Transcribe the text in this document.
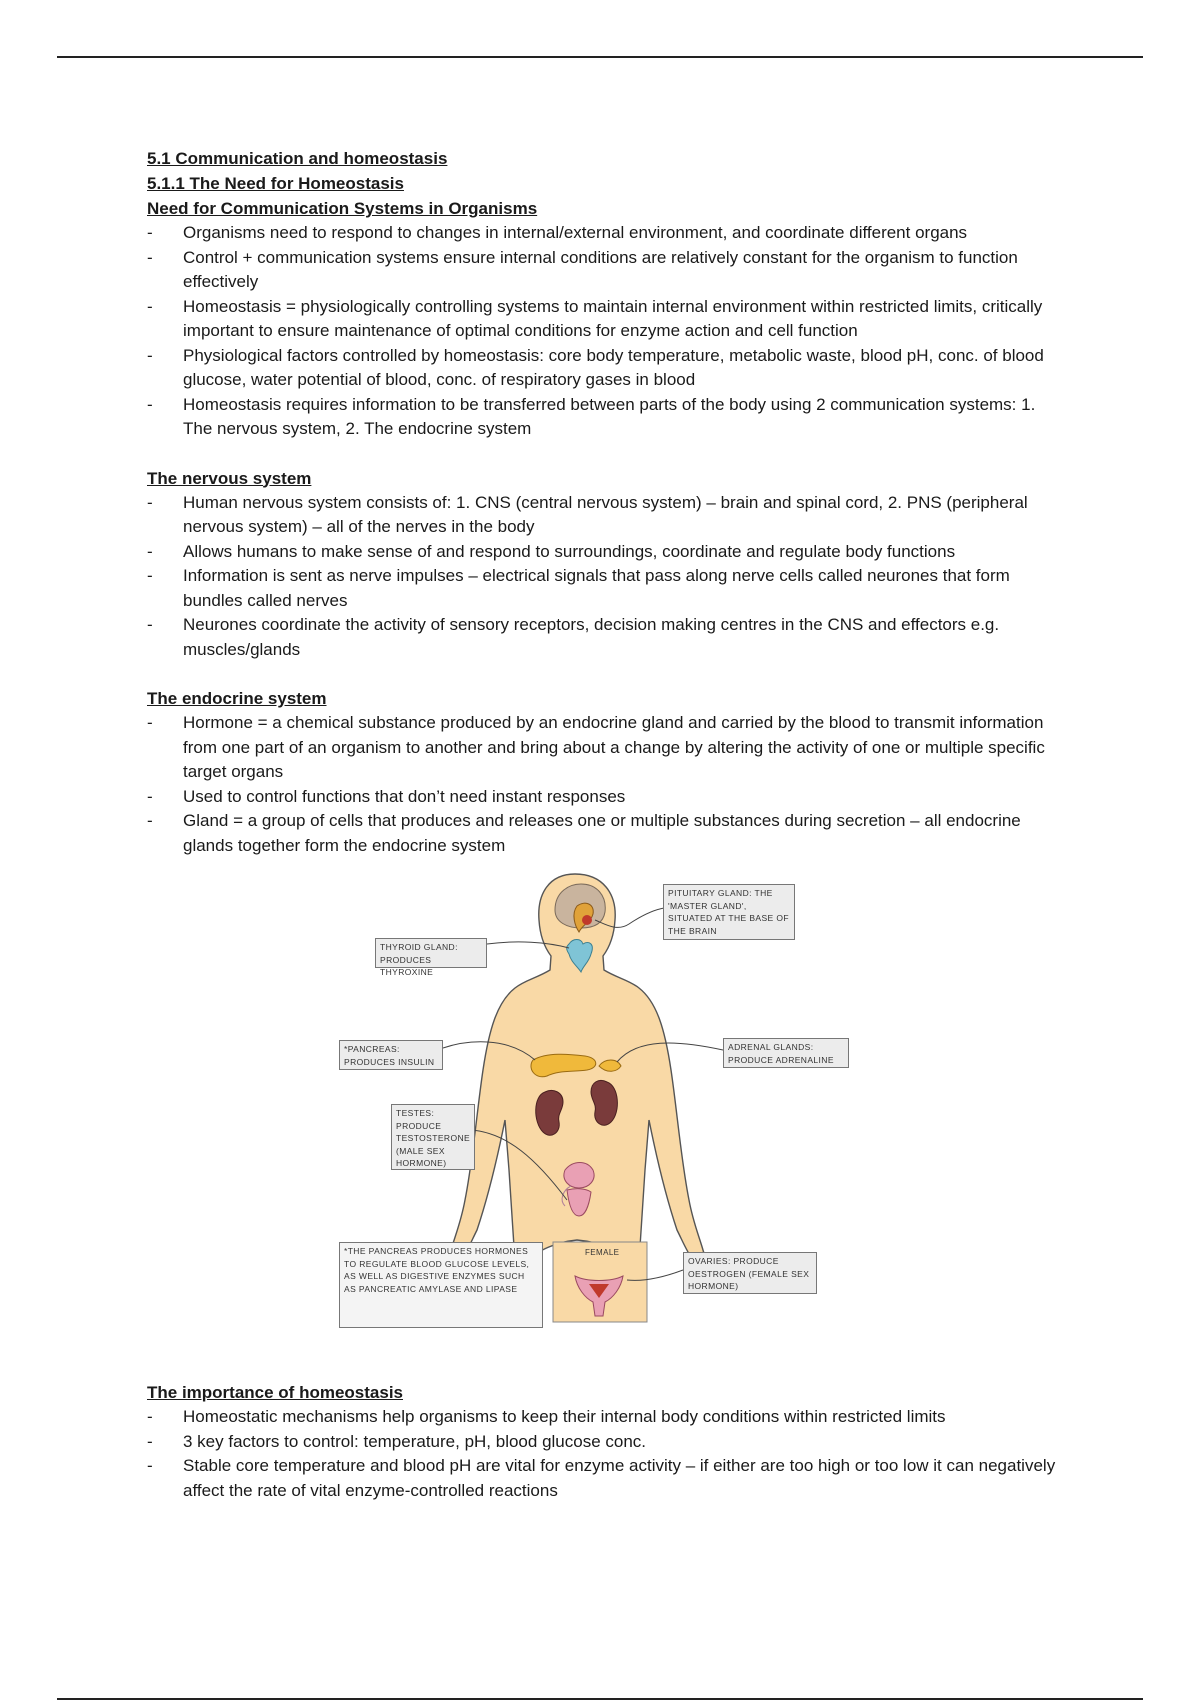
5.1 Communication and homeostasis

5.1.1 The Need for Homeostasis

Need for Communication Systems in Organisms

- Organisms need to respond to changes in internal/external environment, and coordinate different organs
- Control + communication systems ensure internal conditions are relatively constant for the organism to function effectively
- Homeostasis = physiologically controlling systems to maintain internal environment within restricted limits, critically important to ensure maintenance of optimal conditions for enzyme action and cell function
- Physiological factors controlled by homeostasis: core body temperature, metabolic waste, blood pH, conc. of blood glucose, water potential of blood, conc. of respiratory gases in blood
- Homeostasis requires information to be transferred between parts of the body using 2 communication systems: 1. The nervous system, 2. The endocrine system

The nervous system

- Human nervous system consists of: 1. CNS (central nervous system) – brain and spinal cord, 2. PNS (peripheral nervous system) – all of the nerves in the body
- Allows humans to make sense of and respond to surroundings, coordinate and regulate body functions
- Information is sent as nerve impulses – electrical signals that pass along nerve cells called neurones that form bundles called nerves
- Neurones coordinate the activity of sensory receptors, decision making centres in the CNS and effectors e.g. muscles/glands

The endocrine system

- Hormone = a chemical substance produced by an endocrine gland and carried by the blood to transmit information from one part of an organism to another and bring about a change by altering the activity of one or multiple specific target organs
- Used to control functions that don’t need instant responses
- Gland = a group of cells that produces and releases one or multiple substances during secretion – all endocrine glands together form the endocrine system
PITUITARY GLAND: THE 'MASTER GLAND', SITUATED AT THE BASE OF THE BRAIN
THYROID GLAND: PRODUCES THYROXINE
*PANCREAS: PRODUCES INSULIN
ADRENAL GLANDS: PRODUCE ADRENALINE
TESTES: PRODUCE TESTOSTERONE (MALE SEX HORMONE)
*THE PANCREAS PRODUCES HORMONES TO REGULATE BLOOD GLUCOSE LEVELS, AS WELL AS DIGESTIVE ENZYMES SUCH AS PANCREATIC AMYLASE AND LIPASE
FEMALE
OVARIES: PRODUCE OESTROGEN (FEMALE SEX HORMONE)

The importance of homeostasis

- Homeostatic mechanisms help organisms to keep their internal body conditions within restricted limits
- 3 key factors to control: temperature, pH, blood glucose conc.
- Stable core temperature and blood pH are vital for enzyme activity – if either are too high or too low it can negatively affect the rate of vital enzyme-controlled reactions
